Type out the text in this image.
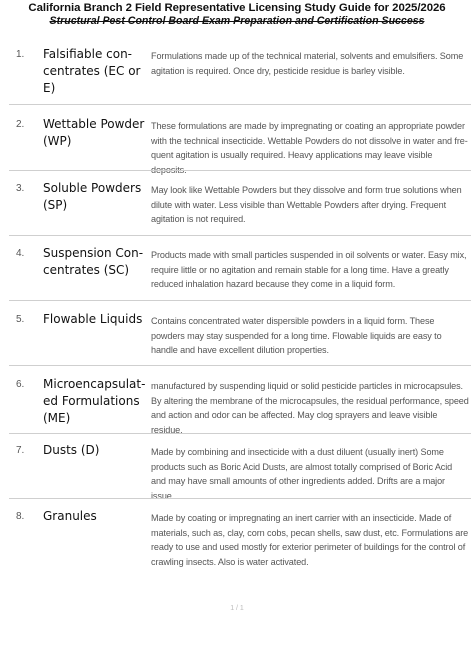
California Branch 2 Field Representative Licensing Study Guide for 2025/2026
Structural Pest Control Board Exam Preparation and Certification Success
1. Falsifiable con-centrates (EC or E)
Formulations made up of the technical material, solvents and emulsifiers. Some agitation is required. Once dry, pesticide residue is barley visible.
2. Wettable Powder (WP)
These formulations are made by impregnating or coating an appropriate powder with the technical insecticide. Wettable Powders do not dissolve in water and fre-quent agitation is usually required. Heavy applications may leave visible deposits.
3. Soluble Powders (SP)
May look like Wettable Powders but they dissolve and form true solutions when dilute with water. Less visible than Wettable Powders after drying. Frequent agitation is not required.
4. Suspension Con-centrates (SC)
Products made with small particles suspended in oil solvents or water. Easy mix, require little or no agitation and remain stable for a long time. Have a greatly reduced inhalation hazard because they come in a liquid form.
5. Flowable Liquids Contains concentrated water dispersible powders in a liquid form. These powders may stay suspended for a long time. Flowable liquids are easy to handle and have excellent dilution properties.
6. Microencapsulat-ed Formulations (ME)
manufactured by suspending liquid or solid pesticide particles in microcapsules. By altering the membrane of the microcapsules, the residual performance, speed and action and odor can be affected. May clog sprayers and leave visible residue.
7. Dusts (D)	Made by combining and insecticide with a dust diluent (usually inert) Some products such as Boric Acid Dusts, are almost totally comprised of Boric Acid and may have small amounts of other ingredients added. Drifts are a major issue.
8. Granules	Made by coating or impregnating an inert carrier with an insecticide. Made of materials, such as, clay, corn cobs, pecan shells, saw dust, etc. Formulations are ready to use and used mostly for exterior perimeter of buildings for the control of crawling insects. Also is water activated.
1 / 1
